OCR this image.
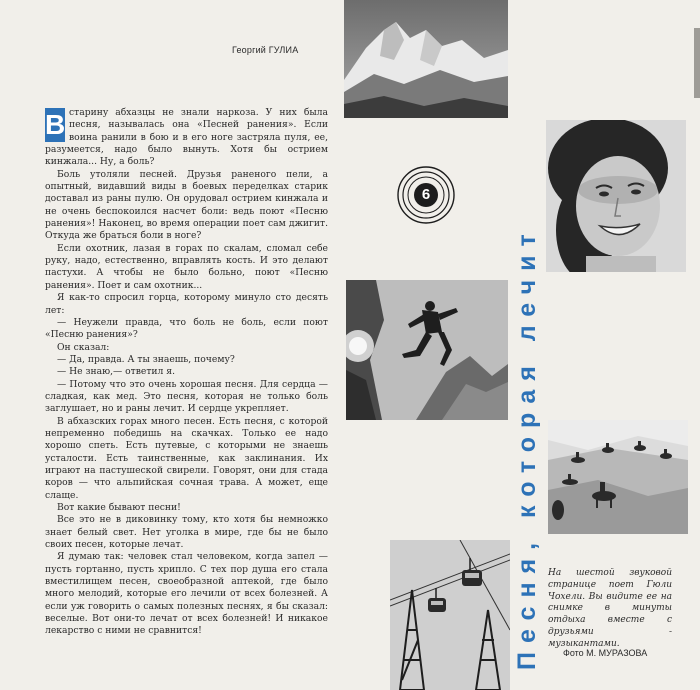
Георгий ГУЛИА
6

В старину абхазцы не знали наркоза. У них была песня, называлась она «Песней ранения». Если воина ранили в бою и в его ноге застряла пуля, ее, разумеется, надо было вынуть. Хотя бы острием кинжала... Ну, а боль?

Боль утоляли песней. Друзья раненого пели, а опытный, видавший виды в боевых переделках старик доставал из раны пулю. Он орудовал острием кинжала и не очень беспокоился насчет боли: ведь поют «Песню ранения»! Наконец, во время операции поет сам джигит. Откуда же браться боли в ноге?

Если охотник, лазая в горах по скалам, сломал себе руку, надо, естественно, вправлять кость. И это делают пастухи. А чтобы не было больно, поют «Песню ранения». Поет и сам охотник...

Я как-то спросил горца, которому минуло сто десять лет:

— Неужели правда, что боль не боль, если поют «Песню ранения»?

Он сказал:

— Да, правда. А ты знаешь, почему?

— Не знаю,— ответил я.

— Потому что это очень хорошая песня. Для сердца — сладкая, как мед. Это песня, которая не только боль заглушает, но и раны лечит. И сердце укрепляет.

В абхазских горах много песен. Есть песня, с которой непременно победишь на скачках. Только ее надо хорошо спеть. Есть путевые, с которыми не знаешь усталости. Есть таинственные, как заклинания. Их играют на пастушеской свирели. Говорят, они для стада коров — что альпийская сочная трава. А может, еще слаще.

Вот какие бывают песни!

Все это не в диковинку тому, кто хотя бы немножко знает белый свет. Нет уголка в мире, где бы не было своих песен, которые лечат.

Я думаю так: человек стал человеком, когда запел — пусть гортанно, пусть хрипло. С тех пор душа его стала вместилищем песен, своеобразной аптекой, где было много мелодий, которые его лечили от всех болезней. А если уж говорить о самых полезных песнях, я бы сказал: веселые. Вот они-то лечат от всех болезней! И никакое лекарство с ними не сравнится!	Песня, которая лечит На шестой звуковой странице поет Гюли Чохели. Вы видите ее на снимке в минуты отдыха вместе с друзьями - музыкантами.
Фото М. МУРАЗОВА
